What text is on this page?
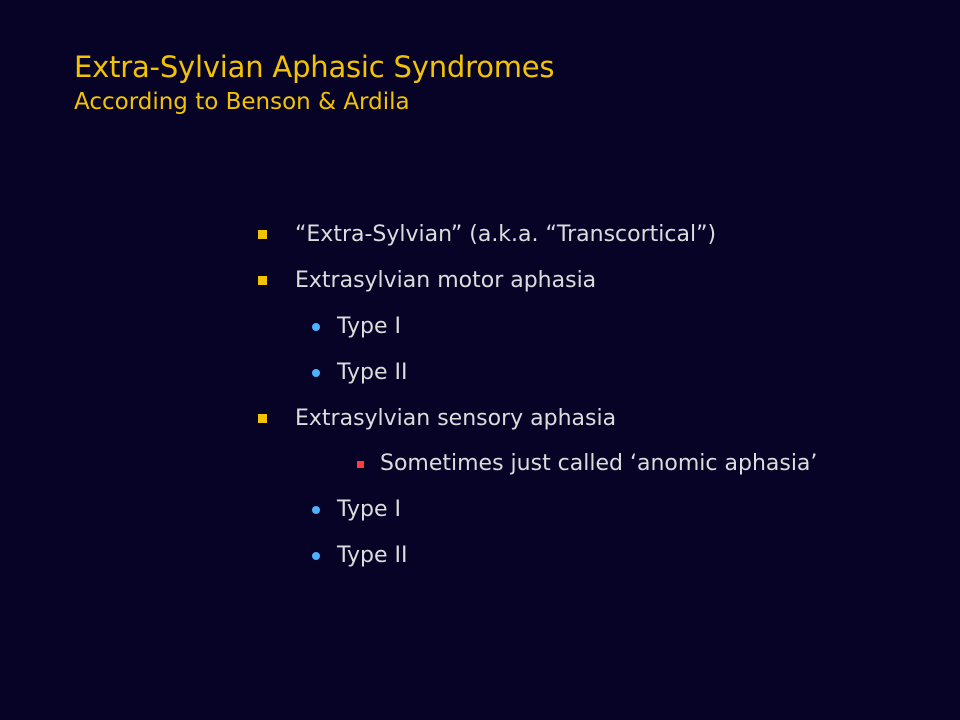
Extra-Sylvian Aphasic Syndromes
According to Benson & Ardila
“Extra-Sylvian” (a.k.a. “Transcortical”)
Extrasylvian motor aphasia
Type I
Type II
Extrasylvian sensory aphasia
Sometimes just called ‘anomic aphasia’
Type I
Type II
